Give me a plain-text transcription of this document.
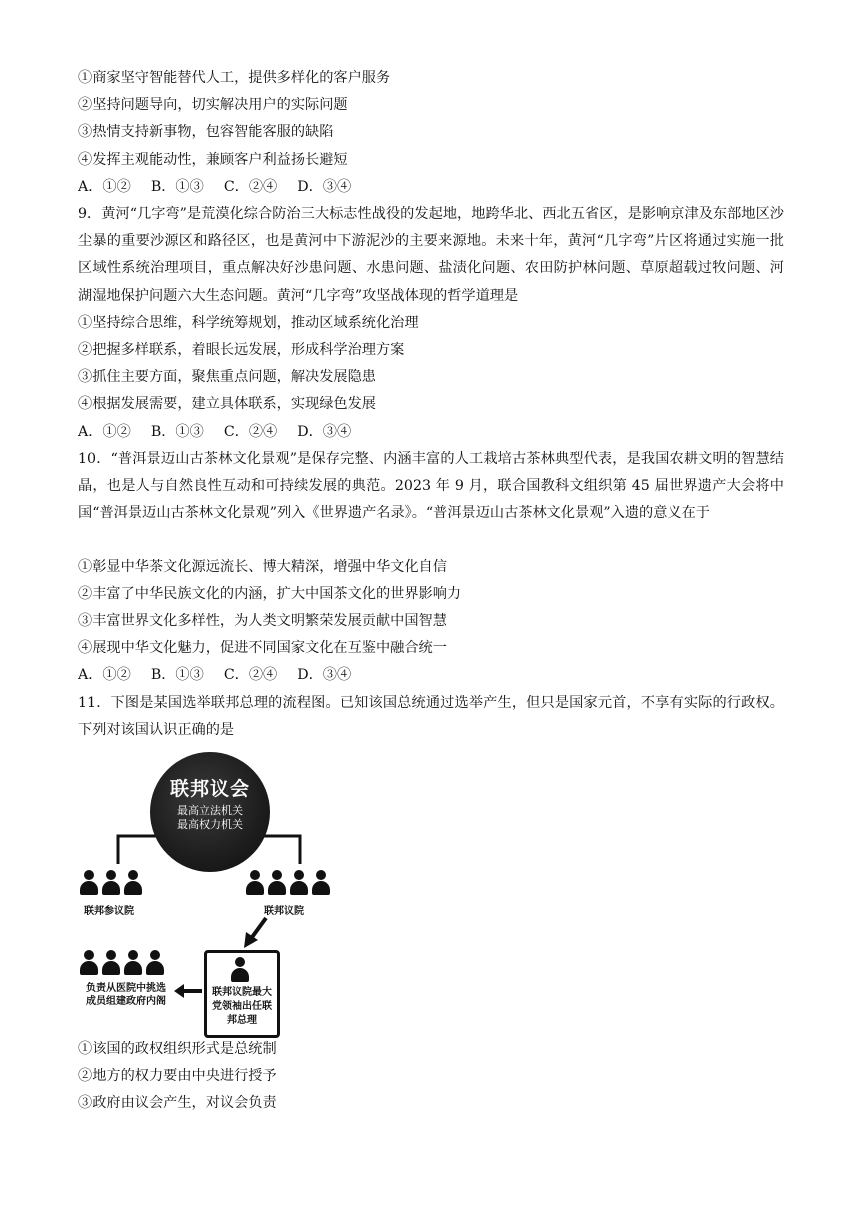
①商家坚守智能替代人工，提供多样化的客户服务
②坚持问题导向，切实解决用户的实际问题
③热情支持新事物，包容智能客服的缺陷
④发挥主观能动性，兼顾客户利益扬长避短
A．①② B．①③ C．②④ D．③④
9．黄河“几字弯”是荒漠化综合防治三大标志性战役的发起地，地跨华北、西北五省区，是影响京津及东部地区沙尘暴的重要沙源区和路径区，也是黄河中下游泥沙的主要来源地。未来十年，黄河“几字弯”片区将通过实施一批区域性系统治理项目，重点解决好沙患问题、水患问题、盐渍化问题、农田防护林问题、草原超载过牧问题、河湖湿地保护问题六大生态问题。黄河“几字弯”攻坚战体现的哲学道理是
①坚持综合思维，科学统筹规划，推动区域系统化治理
②把握多样联系，着眼长远发展，形成科学治理方案
③抓住主要方面，聚焦重点问题，解决发展隐患
④根据发展需要，建立具体联系，实现绿色发展
A．①② B．①③ C．②④ D．③④
10．“普洱景迈山古茶林文化景观”是保存完整、内涵丰富的人工栽培古茶林典型代表，是我国农耕文明的智慧结晶，也是人与自然良性互动和可持续发展的典范。2023 年 9 月，联合国教科文组织第 45 届世界遗产大会将中国“普洱景迈山古茶林文化景观”列入《世界遗产名录》。“普洱景迈山古茶林文化景观”入遗的意义在于
①彰显中华茶文化源远流长、博大精深，增强中华文化自信
②丰富了中华民族文化的内涵，扩大中国茶文化的世界影响力
③丰富世界文化多样性，为人类文明繁荣发展贡献中国智慧
④展现中华文化魅力，促进不同国家文化在互鉴中融合统一
A．①② B．①③ C．②④ D．③④
11．下图是某国选举联邦总理的流程图。已知该国总统通过选举产生，但只是国家元首，不享有实际的行政权。下列对该国认识正确的是
联邦议会
最高立法机关
最高权力机关
联邦参议院	联邦议院
负责从医院中挑选成员组建政府内阁
联邦议院最大党领袖出任联邦总理
①该国的政权组织形式是总统制
②地方的权力要由中央进行授予
③政府由议会产生，对议会负责
